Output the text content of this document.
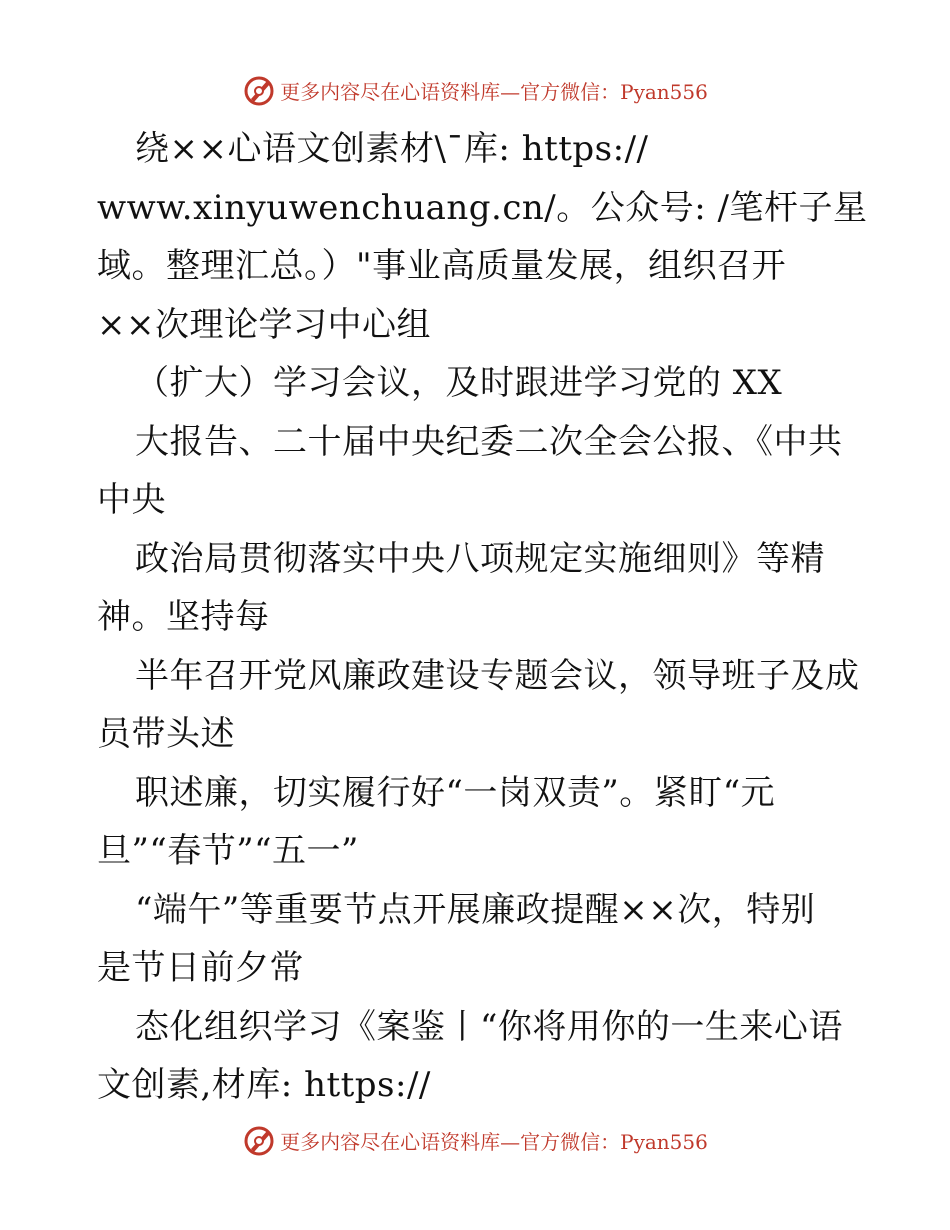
更多内容尽在心语资料库—官方微信：Pyan556
绕××心语文创素材\¯库: https://
www.xinyuwenchuang.cn/。公众号: /笔杆子星
域。整理汇总。）"事业高质量发展，组织召开
××次理论学习中心组
（扩大）学习会议，及时跟进学习党的 XX
大报告、二十届中央纪委二次全会公报、《中共
中央
政治局贯彻落实中央八项规定实施细则》等精
神。坚持每
半年召开党风廉政建设专题会议，领导班子及成
员带头述
职述廉，切实履行好“一岗双责”。紧盯“元
旦”“春节”“五一”
“端午”等重要节点开展廉政提醒××次，特别
是节日前夕常
态化组织学习《案鉴丨“你将用你的一生来心语
文创素,材库: https://
更多内容尽在心语资料库—官方微信：Pyan556
